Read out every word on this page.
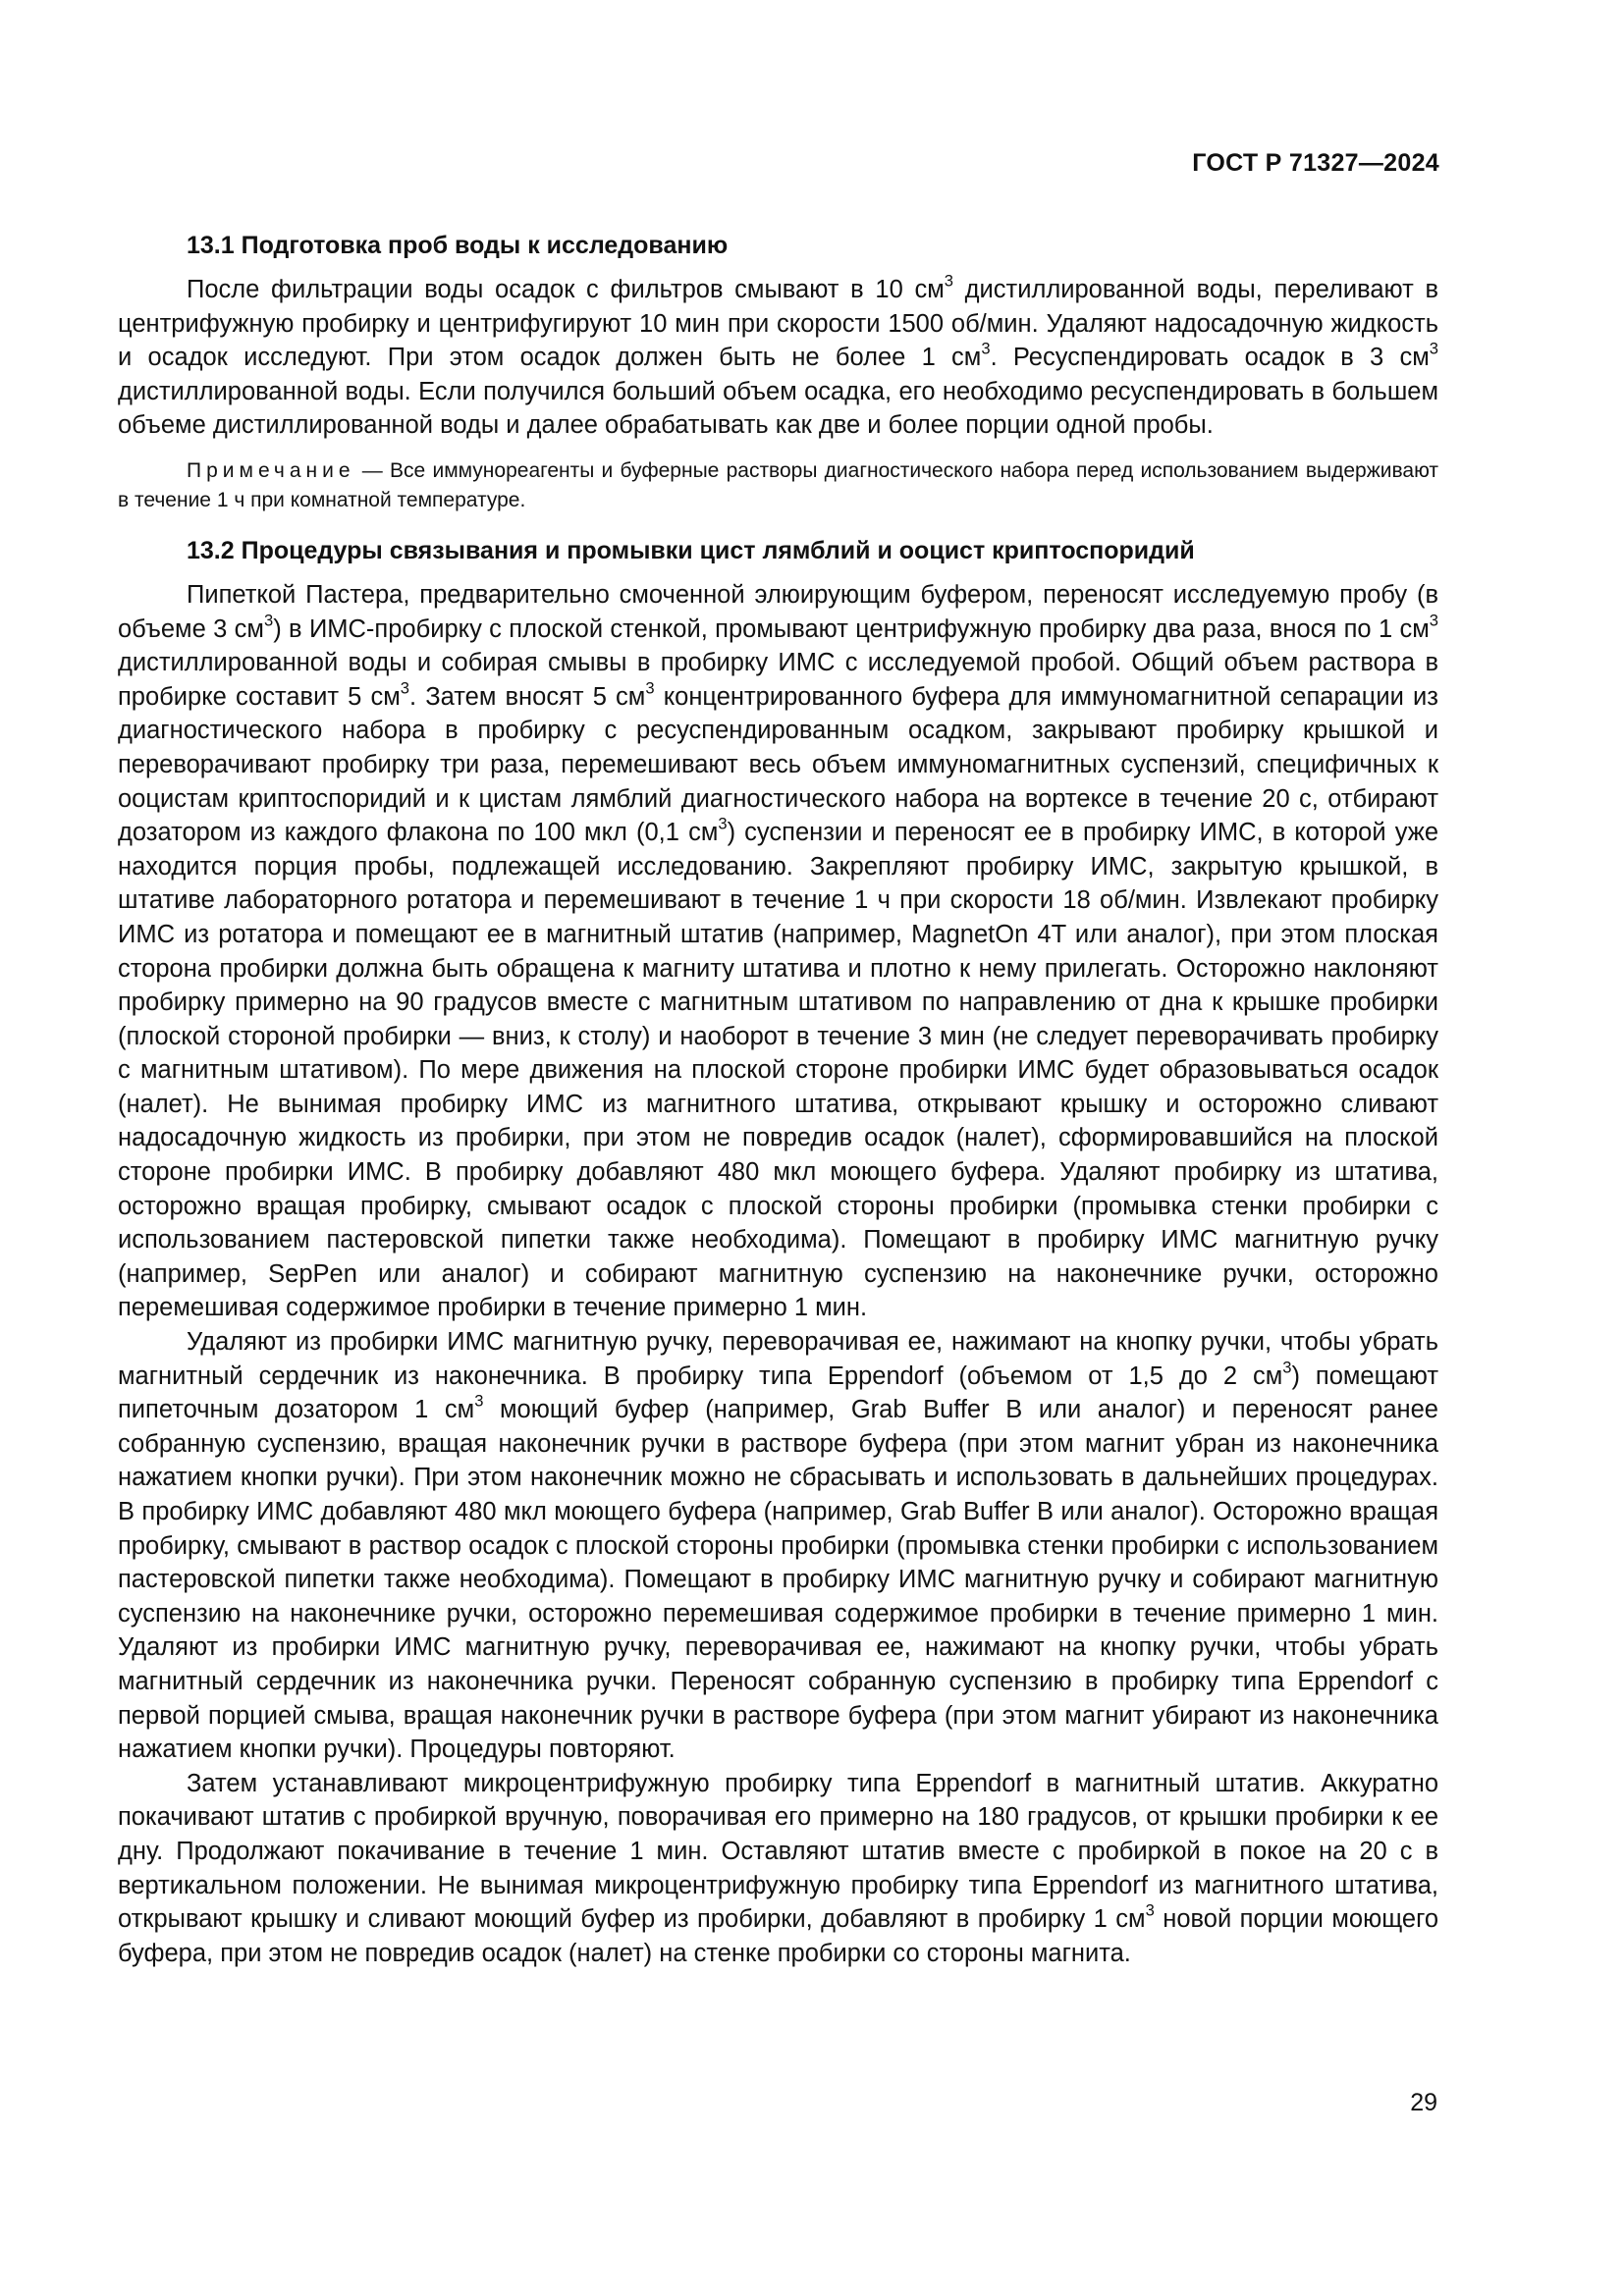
ГОСТ Р 71327—2024

13.1 Подготовка проб воды к исследованию

После фильтрации воды осадок с фильтров смывают в 10 $см^3$ дистиллированной воды, переливают в центрифужную пробирку и центрифугируют 10 мин при скорости 1500 об/мин. Удаляют надосадочную жидкость и осадок исследуют. При этом осадок должен быть не более 1 $см^3$. Ресуспендировать осадок в 3 $см^3$ дистиллированной воды. Если получился больший объем осадка, его необходимо ресуспендировать в большем объеме дистиллированной воды и далее обрабатывать как две и более порции одной пробы.

Примечание — Все иммунореагенты и буферные растворы диагностического набора перед использованием выдерживают в течение 1 ч при комнатной температуре.

13.2 Процедуры связывания и промывки цист лямблий и ооцист криптоспоридий

Пипеткой Пастера, предварительно смоченной элюирующим буфером, переносят исследуемую пробу (в объеме 3 $см^3$) в ИМС-пробирку с плоской стенкой, промывают центрифужную пробирку два раза, внося по 1 $см^3$ дистиллированной воды и собирая смывы в пробирку ИМС с исследуемой пробой. Общий объем раствора в пробирке составит 5 $см^3$. Затем вносят 5 $см^3$ концентрированного буфера для иммуномагнитной сепарации из диагностического набора в пробирку с ресуспендированным осадком, закрывают пробирку крышкой и переворачивают пробирку три раза, перемешивают весь объем иммуномагнитных суспензий, специфичных к ооцистам криптоспоридий и к цистам лямблий диагностического набора на вортексе в течение 20 с, отбирают дозатором из каждого флакона по 100 мкл (0,1 $см^3$) суспензии и переносят ее в пробирку ИМС, в которой уже находится порция пробы, подлежащей исследованию. Закрепляют пробирку ИМС, закрытую крышкой, в штативе лабораторного ротатора и перемешивают в течение 1 ч при скорости 18 об/мин. Извлекают пробирку ИМС из ротатора и помещают ее в магнитный штатив (например, MagnetOn 4T или аналог), при этом плоская сторона пробирки должна быть обращена к магниту штатива и плотно к нему прилегать. Осторожно наклоняют пробирку примерно на 90 градусов вместе с магнитным штативом по направлению от дна к крышке пробирки (плоской стороной пробирки — вниз, к столу) и наоборот в течение 3 мин (не следует переворачивать пробирку с магнитным штативом). По мере движения на плоской стороне пробирки ИМС будет образовываться осадок (налет). Не вынимая пробирку ИМС из магнитного штатива, открывают крышку и осторожно сливают надосадочную жидкость из пробирки, при этом не повредив осадок (налет), сформировавшийся на плоской стороне пробирки ИМС. В пробирку добавляют 480 мкл моющего буфера. Удаляют пробирку из штатива, осторожно вращая пробирку, смывают осадок с плоской стороны пробирки (промывка стенки пробирки с использованием пастеровской пипетки также необходима). Помещают в пробирку ИМС магнитную ручку (например, SepPen или аналог) и собирают магнитную суспензию на наконечнике ручки, осторожно перемешивая содержимое пробирки в течение примерно 1 мин.

Удаляют из пробирки ИМС магнитную ручку, переворачивая ее, нажимают на кнопку ручки, чтобы убрать магнитный сердечник из наконечника. В пробирку типа Eppendorf (объемом от 1,5 до 2 $см^3$) помещают пипеточным дозатором 1 $см^3$ моющий буфер (например, Grab Buffer B или аналог) и переносят ранее собранную суспензию, вращая наконечник ручки в растворе буфера (при этом магнит убран из наконечника нажатием кнопки ручки). При этом наконечник можно не сбрасывать и использовать в дальнейших процедурах. В пробирку ИМС добавляют 480 мкл моющего буфера (например, Grab Buffer B или аналог). Осторожно вращая пробирку, смывают в раствор осадок с плоской стороны пробирки (промывка стенки пробирки с использованием пастеровской пипетки также необходима). Помещают в пробирку ИМС магнитную ручку и собирают магнитную суспензию на наконечнике ручки, осторожно перемешивая содержимое пробирки в течение примерно 1 мин. Удаляют из пробирки ИМС магнитную ручку, переворачивая ее, нажимают на кнопку ручки, чтобы убрать магнитный сердечник из наконечника ручки. Переносят собранную суспензию в пробирку типа Eppendorf с первой порцией смыва, вращая наконечник ручки в растворе буфера (при этом магнит убирают из наконечника нажатием кнопки ручки). Процедуры повторяют.

Затем устанавливают микроцентрифужную пробирку типа Eppendorf в магнитный штатив. Аккуратно покачивают штатив с пробиркой вручную, поворачивая его примерно на 180 градусов, от крышки пробирки к ее дну. Продолжают покачивание в течение 1 мин. Оставляют штатив вместе с пробиркой в покое на 20 с в вертикальном положении. Не вынимая микроцентрифужную пробирку типа Eppendorf из магнитного штатива, открывают крышку и сливают моющий буфер из пробирки, добавляют в пробирку 1 $см^3$ новой порции моющего буфера, при этом не повредив осадок (налет) на стенке пробирки со стороны магнита.

29
